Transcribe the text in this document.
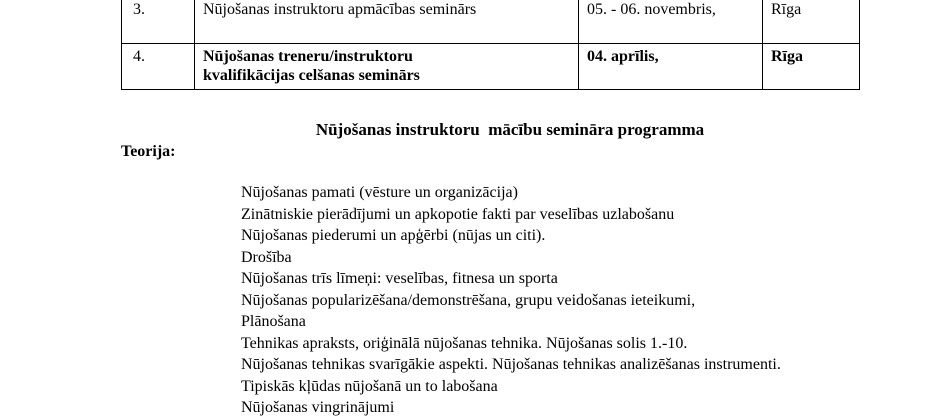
3.	Nūjošanas instruktoru apmācības seminārs	05. - 06. novembris,	Rīga
4.	Nūjošanas treneru/instruktoru
kvalifikācijas celšanas seminārs	04. aprīlis,	Rīga
Nūjošanas instruktoru  mācību semināra programma
Teorija:
Nūjošanas pamati (vēsture un organizācija)
Zinātniskie pierādījumi un apkopotie fakti par veselības uzlabošanu
Nūjošanas piederumi un apģērbi (nūjas un citi).
Drošība
Nūjošanas trīs līmeņi: veselības, fitnesa un sporta
Nūjošanas popularizēšana/demonstrēšana, grupu veidošanas ieteikumi,
Plānošana
Tehnikas apraksts, oriģinālā nūjošanas tehnika. Nūjošanas solis 1.-10.
Nūjošanas tehnikas svarīgākie aspekti. Nūjošanas tehnikas analizēšanas instrumenti.
Tipiskās kļūdas nūjošanā un to labošana
Nūjošanas vingrinājumi
